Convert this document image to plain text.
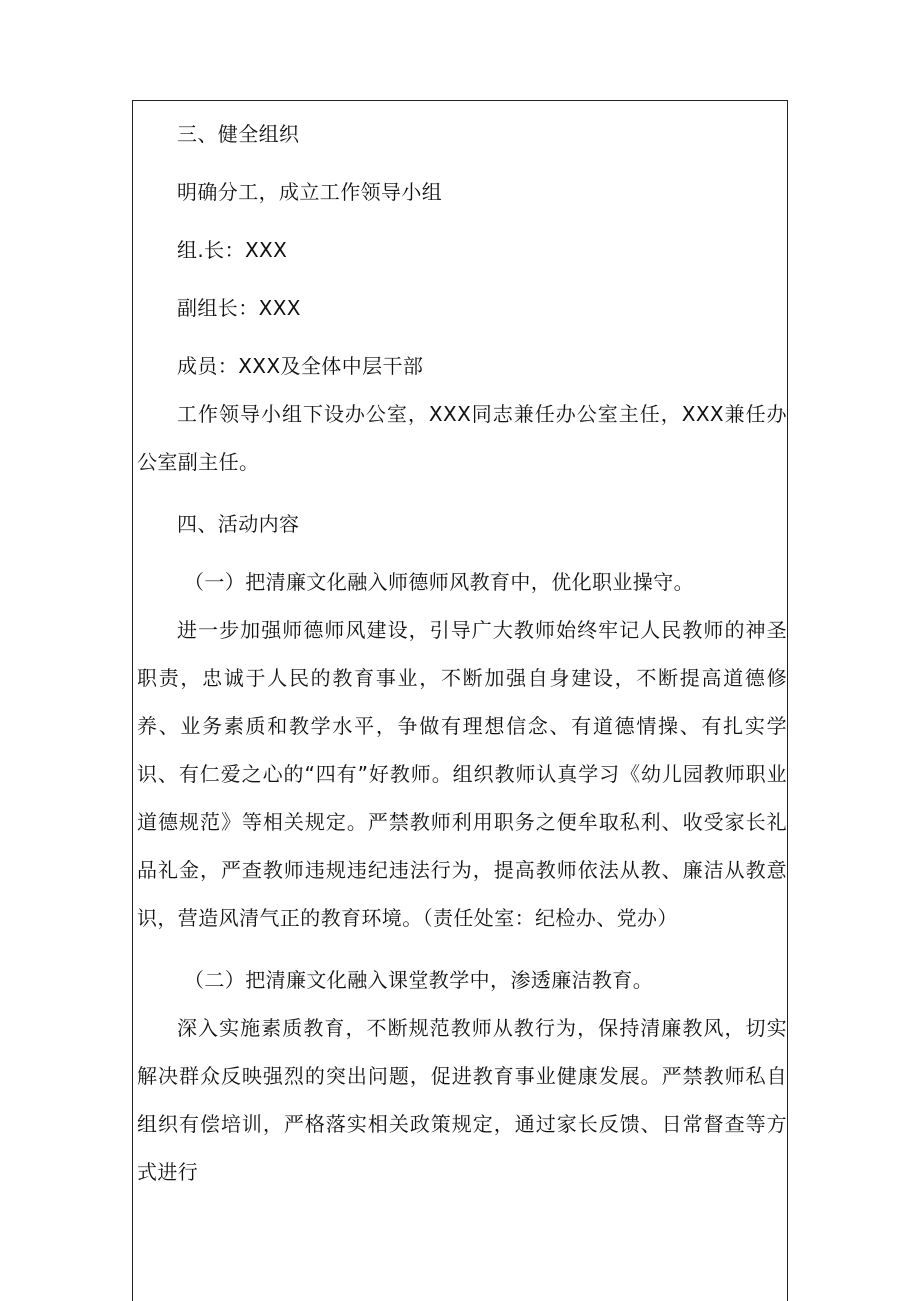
三、健全组织

明确分工，成立工作领导小组

组.长：XXX

副组长：XXX

成员：XXX及全体中层干部

工作领导小组下设办公室，XXX同志兼任办公室主任，XXX兼任办公室副主任。

四、活动内容

（一）把清廉文化融入师德师风教育中，优化职业操守。

进一步加强师德师风建设，引导广大教师始终牢记人民教师的神圣职责，忠诚于人民的教育事业，不断加强自身建设，不断提高道德修养、业务素质和教学水平，争做有理想信念、有道德情操、有扎实学识、有仁爱之心的“四有”好教师。组织教师认真学习《幼儿园教师职业道德规范》等相关规定。严禁教师利用职务之便牟取私利、收受家长礼品礼金，严查教师违规违纪违法行为，提高教师依法从教、廉洁从教意识，营造风清气正的教育环境。（责任处室：纪检办、党办）

（二）把清廉文化融入课堂教学中，渗透廉洁教育。

深入实施素质教育，不断规范教师从教行为，保持清廉教风，切实解决群众反映强烈的突出问题，促进教育事业健康发展。严禁教师私自组织有偿培训，严格落实相关政策规定，通过家长反馈、日常督查等方式进行
